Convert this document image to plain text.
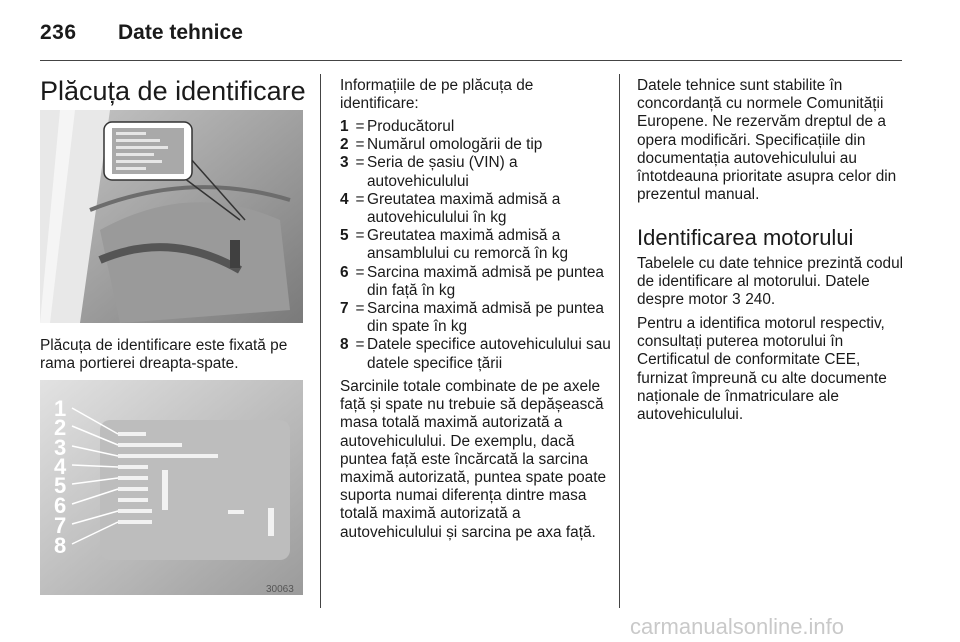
236 Date tehnice
Plăcuța de identificare

Plăcuța de identificare este fixată pe rama portierei dreapta-spate.

1
2
3
4
5
6
7
8
30063

Informațiile de pe plăcuța de identificare:

1 = Producătorul
2 = Numărul omologării de tip
3 = Seria de șasiu (VIN) a autovehiculului
4 = Greutatea maximă admisă a autovehiculului în kg
5 = Greutatea maximă admisă a ansamblului cu remorcă în kg
6 = Sarcina maximă admisă pe puntea din față în kg
7 = Sarcina maximă admisă pe puntea din spate în kg
8 = Datele specifice autovehiculului sau datele specifice țării

Sarcinile totale combinate de pe axele față și spate nu trebuie să depășească masa totală maximă autorizată a autovehiculului. De exemplu, dacă puntea față este încărcată la sarcina maximă autorizată, puntea spate poate suporta numai diferența dintre masa totală maximă autorizată a autovehiculului și sarcina pe axa față.

Datele tehnice sunt stabilite în concordanță cu normele Comunității Europene. Ne rezervăm dreptul de a opera modificări. Specificațiile din documentația autovehiculului au întotdeauna prioritate asupra celor din prezentul manual.

Identificarea motorului

Tabelele cu date tehnice prezintă codul de identificare al motorului. Datele despre motor 3 240.

Pentru a identifica motorul respectiv, consultați puterea motorului în Certificatul de conformitate CEE, furnizat împreună cu alte documente naționale de înmatriculare ale autovehiculului.

carmanualsonline.info
